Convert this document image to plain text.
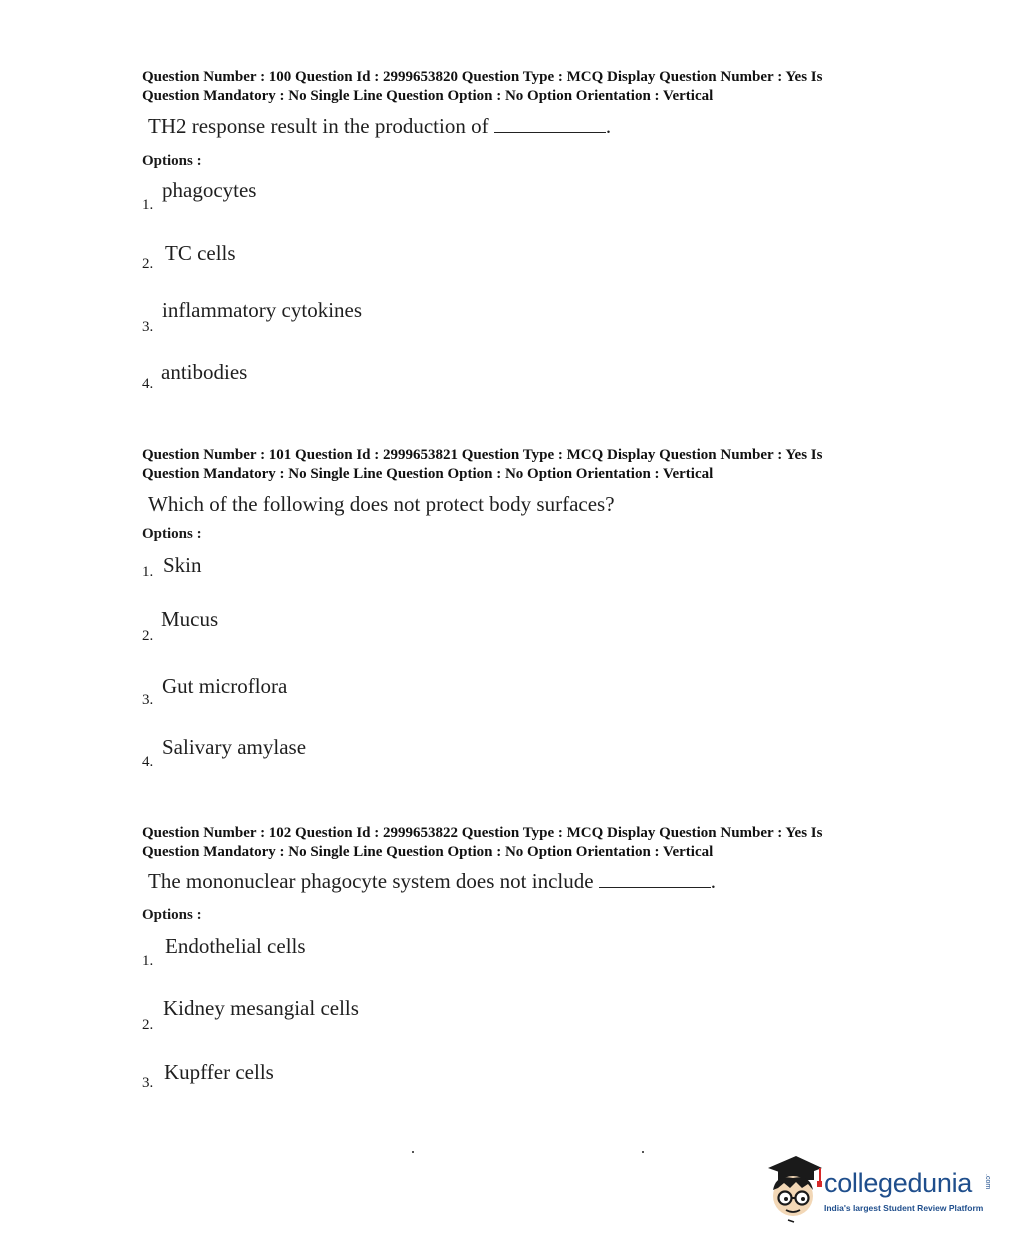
Question Number : 100 Question Id : 2999653820 Question Type : MCQ Display Question Number : Yes Is
Question Mandatory : No Single Line Question Option : No Option Orientation : Vertical
TH2 response result in the production of	.
Options :
1.
phagocytes
2. TC cells
3.
inflammatory cytokines
4. antibodies
Question Number : 101 Question Id : 2999653821 Question Type : MCQ Display Question Number : Yes Is
Question Mandatory : No Single Line Question Option : No Option Orientation : Vertical
Which of the following does not protect body surfaces?
Options :
1. Skin
2.
Mucus
3.
Gut microflora
4.
Salivary amylase
Question Number : 102 Question Id : 2999653822 Question Type : MCQ Display Question Number : Yes Is
Question Mandatory : No Single Line Question Option : No Option Orientation : Vertical
The mononuclear phagocyte system does not include	.
Options :
1.
Endothelial cells
2.
Kidney mesangial cells
3. Kupffer cells
collegedunia .com
India's largest Student Review Platform
